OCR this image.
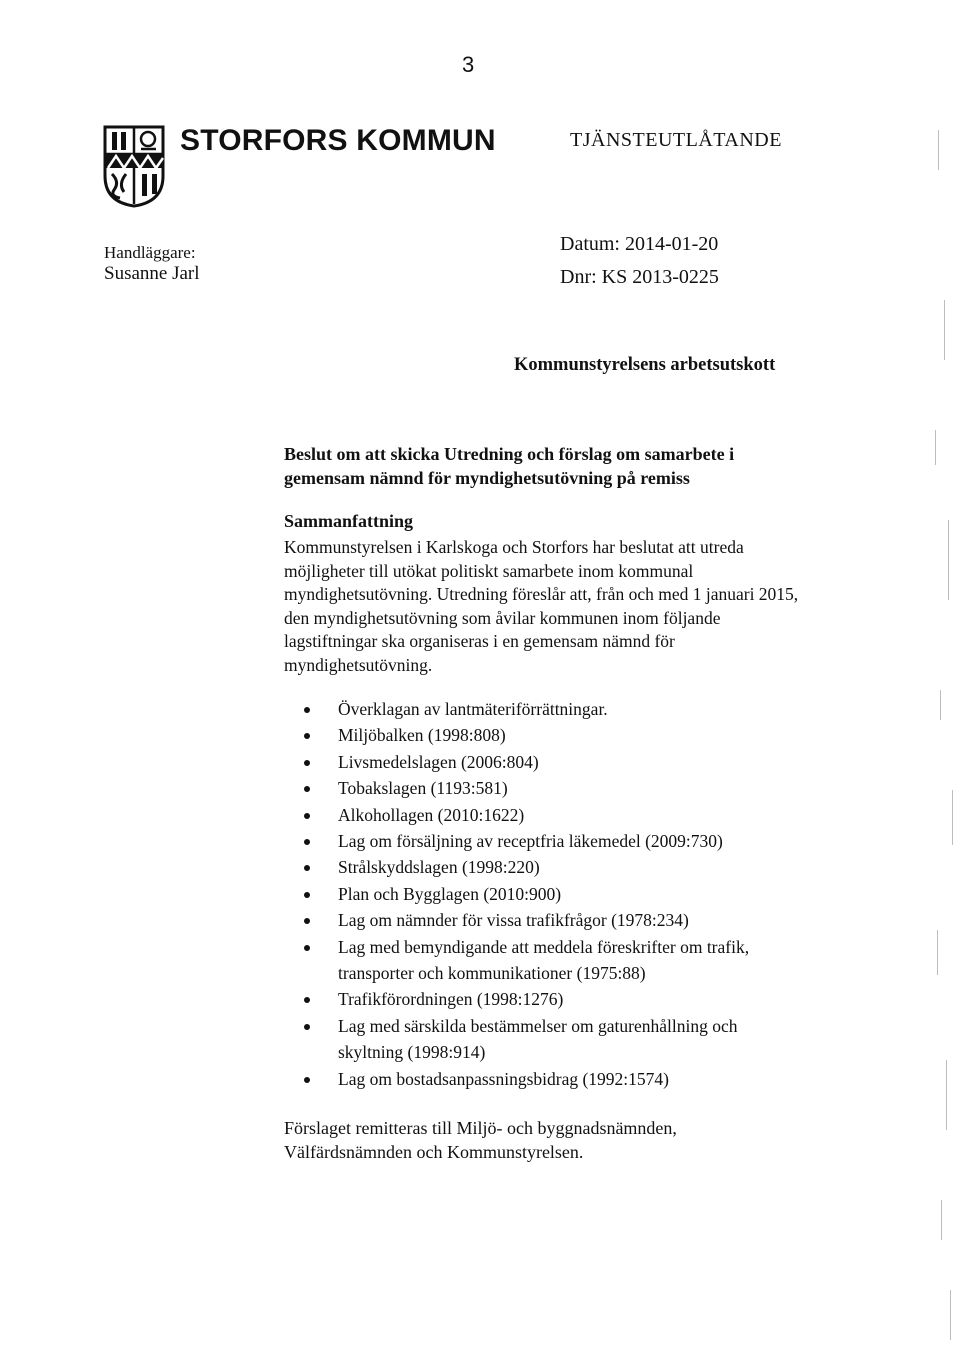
3
STORFORS KOMMUN	TJÄNSTEUTLÅTANDE
Handläggare:
Susanne Jarl
Datum: 2014-01-20
Dnr: KS 2013-0225
Kommunstyrelsens arbetsutskott
Beslut om att skicka Utredning och förslag om samarbete i gemensam nämnd för myndighetsutövning på remiss
Sammanfattning
Kommunstyrelsen i Karlskoga och Storfors har beslutat att utreda möjligheter till utökat politiskt samarbete inom kommunal myndighetsutövning. Utredning föreslår att, från och med 1 januari 2015, den myndighetsutövning som åvilar kommunen inom följande lagstiftningar ska organiseras i en gemensam nämnd för myndighetsutövning.
Överklagan av lantmäteriförrättningar.
Miljöbalken (1998:808)
Livsmedelslagen (2006:804)
Tobakslagen (1193:581)
Alkohollagen (2010:1622)
Lag om försäljning av receptfria läkemedel (2009:730)
Strålskyddslagen (1998:220)
Plan och Bygglagen (2010:900)
Lag om nämnder för vissa trafikfrågor (1978:234)
Lag med bemyndigande att meddela föreskrifter om trafik, transporter och kommunikationer (1975:88)
Trafikförordningen (1998:1276)
Lag med särskilda bestämmelser om gaturenhållning och skyltning (1998:914)
Lag om bostadsanpassningsbidrag (1992:1574)
Förslaget remitteras till Miljö- och byggnadsnämnden, Välfärdsnämnden och Kommunstyrelsen.
